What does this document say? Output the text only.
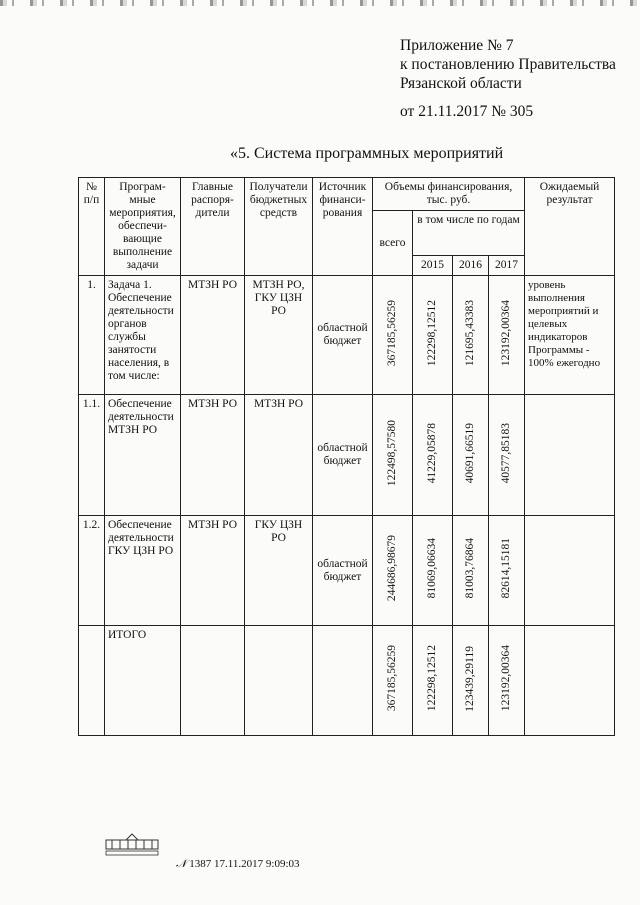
Приложение № 7
к постановлению Правительства
Рязанской области
от 21.11.2017 № 305
«5. Система программных мероприятий
№ п/п	Програм-мные мероприятия, обеспечи-вающие выполнение задачи	Главные распоря-дители	Получатели бюджетных средств	Источник финанси-рования	Объемы финансирования, тыс. руб.				Ожидаемый результат
					всего	в том числе по годам			
						2015	2016	2017	
1.	Задача 1. Обеспечение деятельности органов службы занятости населения, в том числе:	МТЗН РО	МТЗН РО, ГКУ ЦЗН РО	областной бюджет	367185,56259	122298,12512	121695,43383	123192,00364	уровень выполнения мероприятий и целевых индикаторов Программы - 100% ежегодно
1.1.	Обеспечение деятельности МТЗН РО	МТЗН РО	МТЗН РО	областной бюджет	122498,57580	41229,05878	40691,66519	40577,85183	
1.2.	Обеспечение деятельности ГКУ ЦЗН РО	МТЗН РО	ГКУ ЦЗН РО	областной бюджет	244686,98679	81069,06634	81003,76864	82614,15181	
	ИТОГО				367185,56259	122298,12512	123439,29119	123192,00364	
𝒩 1387 17.11.2017 9:09:03
